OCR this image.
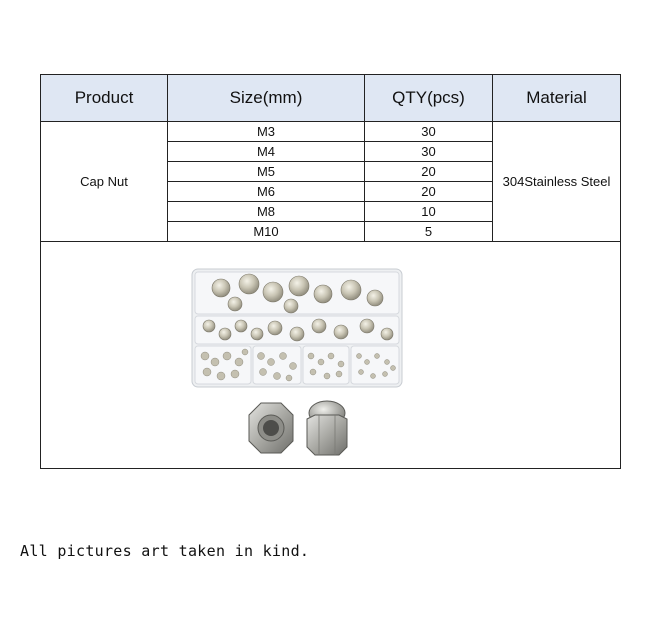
Product	Size(mm)	QTY(pcs)	Material
Cap Nut	M3	30	304Stainless Steel
	M4	30	
	M5	20	
	M6	20	
	M8	10	
	M10	5	

All pictures art taken in kind.
